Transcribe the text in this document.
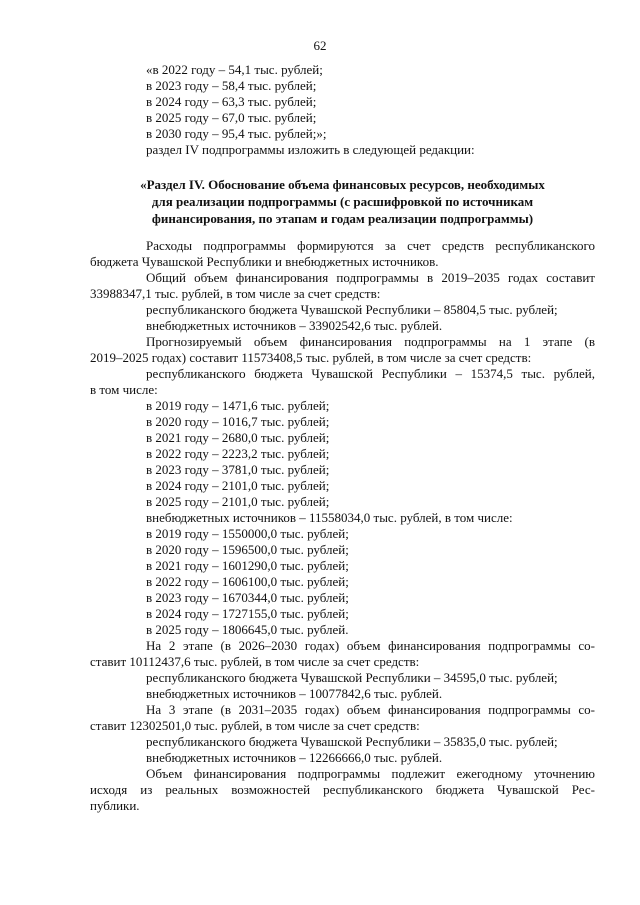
62
«в 2022 году – 54,1 тыс. рублей;
в 2023 году – 58,4 тыс. рублей;
в 2024 году – 63,3 тыс. рублей;
в 2025 году – 67,0 тыс. рублей;
в 2030 году – 95,4 тыс. рублей;»;
раздел IV подпрограммы изложить в следующей редакции:
«Раздел IV. Обоснование объема финансовых ресурсов, необходимых
для реализации подпрограммы (с расшифровкой по источникам
финансирования, по этапам и годам реализации подпрограммы)
Расходы подпрограммы формируются за счет средств республиканского
бюджета Чувашской Республики и внебюджетных источников.
Общий объем финансирования подпрограммы в 2019–2035 годах составит
33988347,1 тыс. рублей, в том числе за счет средств:
республиканского бюджета Чувашской Республики – 85804,5 тыс. рублей;
внебюджетных источников – 33902542,6 тыс. рублей.
Прогнозируемый объем финансирования подпрограммы на 1 этапе (в
2019–2025 годах) составит 11573408,5 тыс. рублей, в том числе за счет средств:
республиканского бюджета Чувашской Республики – 15374,5 тыс. рублей,
в том числе:
в 2019 году – 1471,6 тыс. рублей;
в 2020 году – 1016,7 тыс. рублей;
в 2021 году – 2680,0 тыс. рублей;
в 2022 году – 2223,2 тыс. рублей;
в 2023 году – 3781,0 тыс. рублей;
в 2024 году – 2101,0 тыс. рублей;
в 2025 году – 2101,0 тыс. рублей;
внебюджетных источников – 11558034,0 тыс. рублей, в том числе:
в 2019 году – 1550000,0 тыс. рублей;
в 2020 году – 1596500,0 тыс. рублей;
в 2021 году – 1601290,0 тыс. рублей;
в 2022 году – 1606100,0 тыс. рублей;
в 2023 году – 1670344,0 тыс. рублей;
в 2024 году – 1727155,0 тыс. рублей;
в 2025 году – 1806645,0 тыс. рублей.
На 2 этапе (в 2026–2030 годах) объем финансирования подпрограммы со-
ставит 10112437,6 тыс. рублей, в том числе за счет средств:
республиканского бюджета Чувашской Республики – 34595,0 тыс. рублей;
внебюджетных источников – 10077842,6 тыс. рублей.
На 3 этапе (в 2031–2035 годах) объем финансирования подпрограммы со-
ставит 12302501,0 тыс. рублей, в том числе за счет средств:
республиканского бюджета Чувашской Республики – 35835,0 тыс. рублей;
внебюджетных источников – 12266666,0 тыс. рублей.
Объем финансирования подпрограммы подлежит ежегодному уточнению
исходя из реальных возможностей республиканского бюджета Чувашской Рес-
публики.
